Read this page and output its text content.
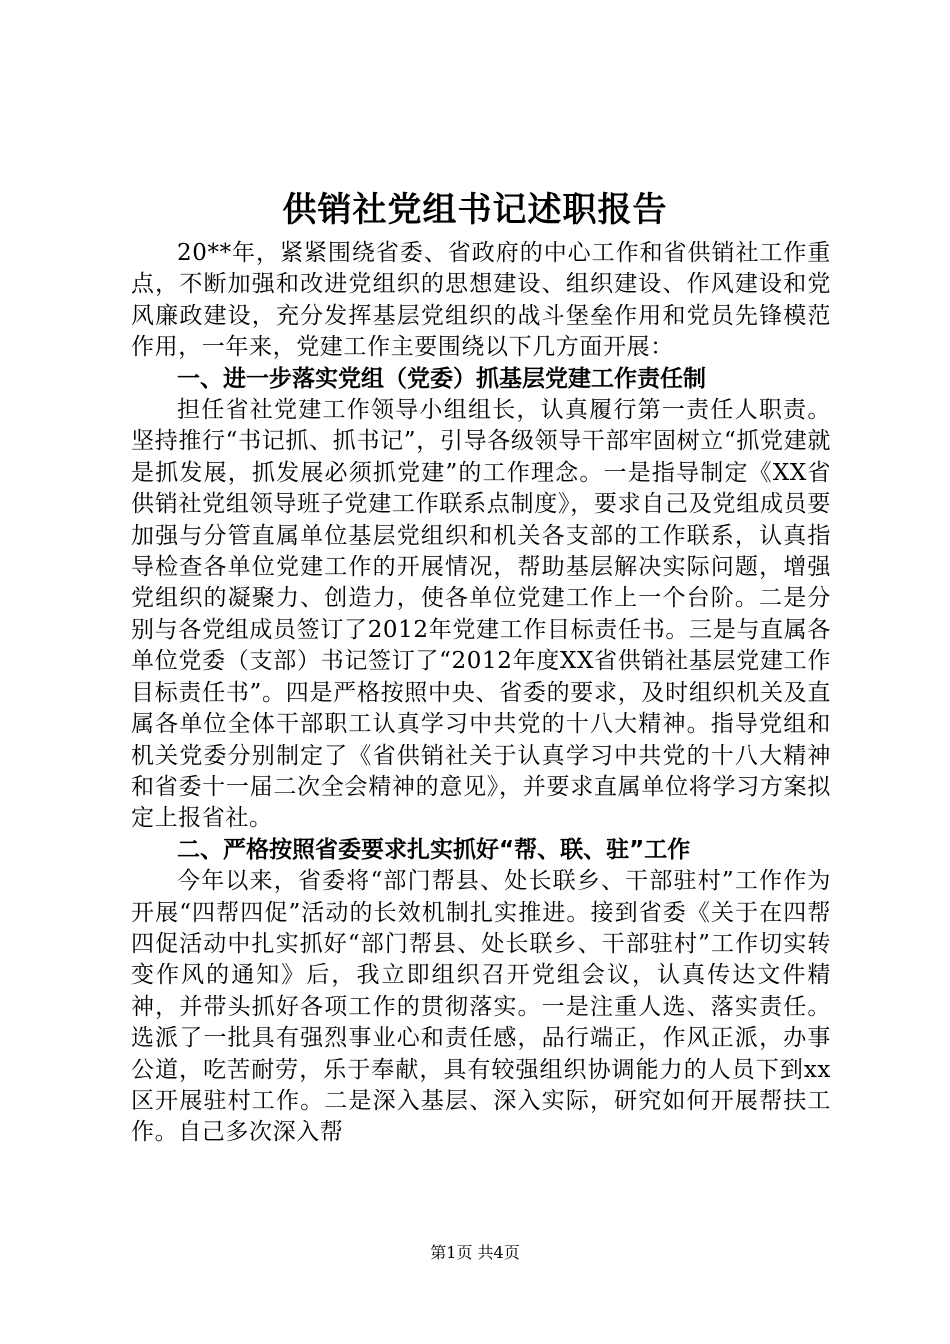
供销社党组书记述职报告

20**年，紧紧围绕省委、省政府的中心工作和省供销社工作重点，不断加强和改进党组织的思想建设、组织建设、作风建设和党风廉政建设，充分发挥基层党组织的战斗堡垒作用和党员先锋模范作用，一年来，党建工作主要围绕以下几方面开展：

一、进一步落实党组（党委）抓基层党建工作责任制

担任省社党建工作领导小组组长，认真履行第一责任人职责。坚持推行“书记抓、抓书记”，引导各级领导干部牢固树立“抓党建就是抓发展，抓发展必须抓党建”的工作理念。一是指导制定《XX省供销社党组领导班子党建工作联系点制度》，要求自己及党组成员要加强与分管直属单位基层党组织和机关各支部的工作联系，认真指导检查各单位党建工作的开展情况，帮助基层解决实际问题，增强党组织的凝聚力、创造力，使各单位党建工作上一个台阶。二是分别与各党组成员签订了2012年党建工作目标责任书。三是与直属各单位党委（支部）书记签订了“2012年度XX省供销社基层党建工作目标责任书”。四是严格按照中央、省委的要求，及时组织机关及直属各单位全体干部职工认真学习中共党的十八大精神。指导党组和机关党委分别制定了《省供销社关于认真学习中共党的十八大精神和省委十一届二次全会精神的意见》，并要求直属单位将学习方案拟定上报省社。

二、严格按照省委要求扎实抓好“帮、联、驻”工作

今年以来，省委将“部门帮县、处长联乡、干部驻村”工作作为开展“四帮四促”活动的长效机制扎实推进。接到省委《关于在四帮四促活动中扎实抓好“部门帮县、处长联乡、干部驻村”工作切实转变作风的通知》后，我立即组织召开党组会议，认真传达文件精神，并带头抓好各项工作的贯彻落实。一是注重人选、落实责任。选派了一批具有强烈事业心和责任感，品行端正，作风正派，办事公道，吃苦耐劳，乐于奉献，具有较强组织协调能力的人员下到xx区开展驻村工作。二是深入基层、深入实际，研究如何开展帮扶工作。自己多次深入帮

第1页 共4页
